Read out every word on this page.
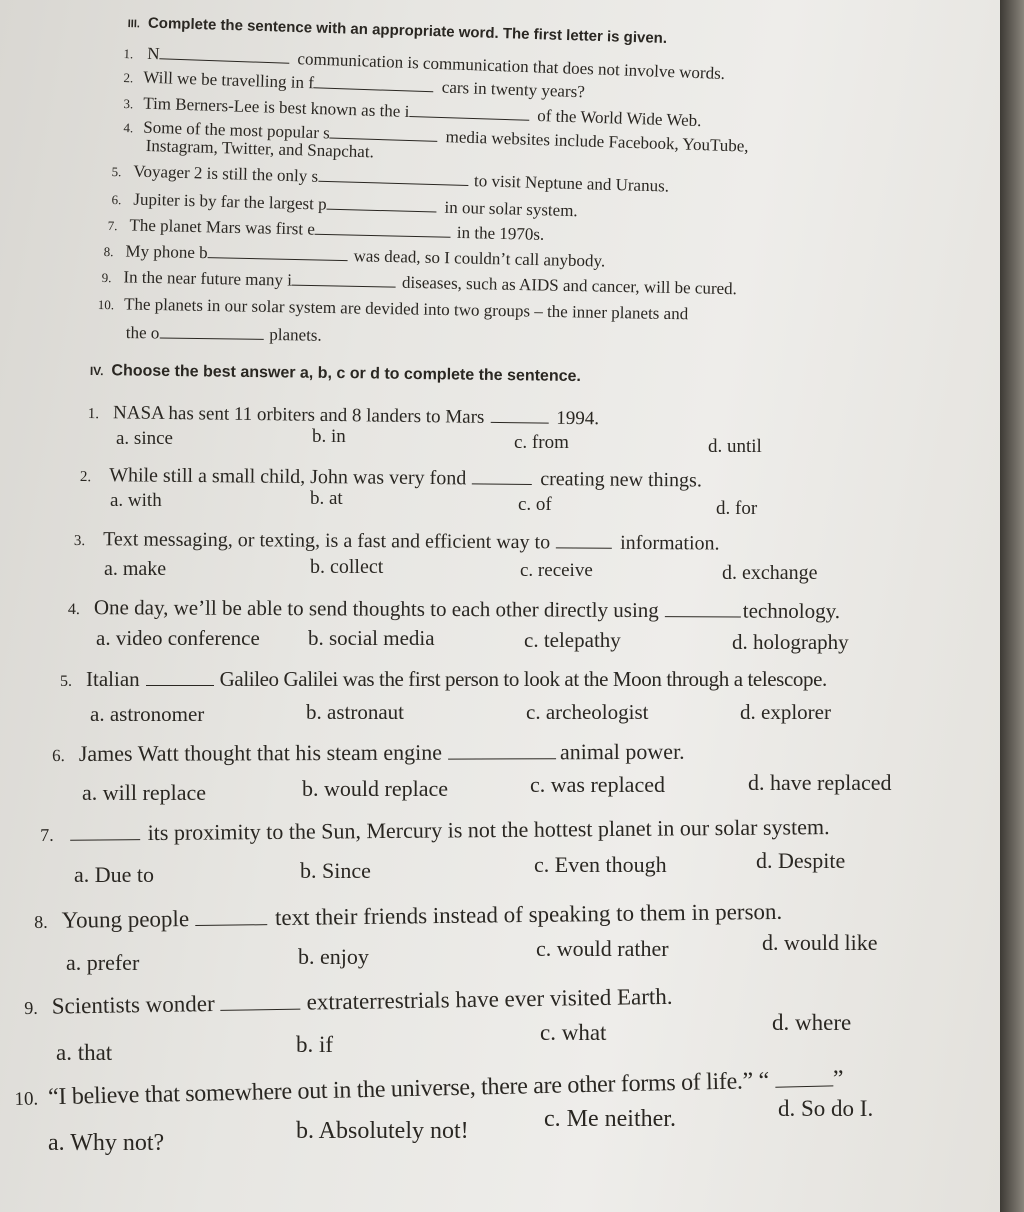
III. Complete the sentence with an appropriate word. The first letter is given.
1. N	communication is communication that does not involve words.
2. Will we be travelling in f	cars in twenty years?
3. Tim Berners-Lee is best known as the i	of the World Wide Web.
4. Some of the most popular s	media websites include Facebook, YouTube,
Instagram, Twitter, and Snapchat.
5. Voyager 2 is still the only s	to visit Neptune and Uranus.
6. Jupiter is by far the largest p	in our solar system.
7. The planet Mars was first e	in the 1970s.
8. My phone b	was dead, so I couldn’t call anybody.
9. In the near future many i	diseases, such as AIDS and cancer, will be cured.
10. The planets in our solar system are devided into two groups – the inner planets and
the o	planets.
IV. Choose the best answer a, b, c or d to complete the sentence.
1. NASA has sent 11 orbiters and 8 landers to Mars	1994.
a. since	b. in	c. from	d. until
2. While still a small child, John was very fond	creating new things.
a. with	b. at	c. of	d. for
3. Text messaging, or texting, is a fast and efficient way to	information.
a. make	b. collect	c. receive	d. exchange
4. One day, we’ll be able to send thoughts to each other directly using	technology.
a. video conference b. social media	c. telepathy	d. holography
5. Italian	Galileo Galilei was the first person to look at the Moon through a telescope.
a. astronomer	b. astronaut	c. archeologist	d. explorer
6. James Watt thought that his steam engine	animal power.
a. will replace	b. would replace	c. was replaced	d. have replaced
7.	its proximity to the Sun, Mercury is not the hottest planet in our solar system.
a. Due to	b. Since	c. Even though	d. Despite
8. Young people	text their friends instead of speaking to them in person.
a. prefer	b. enjoy	c. would rather	d. would like
9. Scientists wonder	extraterrestrials have ever visited Earth.
a. that	b. if	c. what	d. where
10. “I believe that somewhere out in the universe, there are other forms of life.” “	”
a. Why not?	b. Absolutely not!	c. Me neither.	d. So do I.
